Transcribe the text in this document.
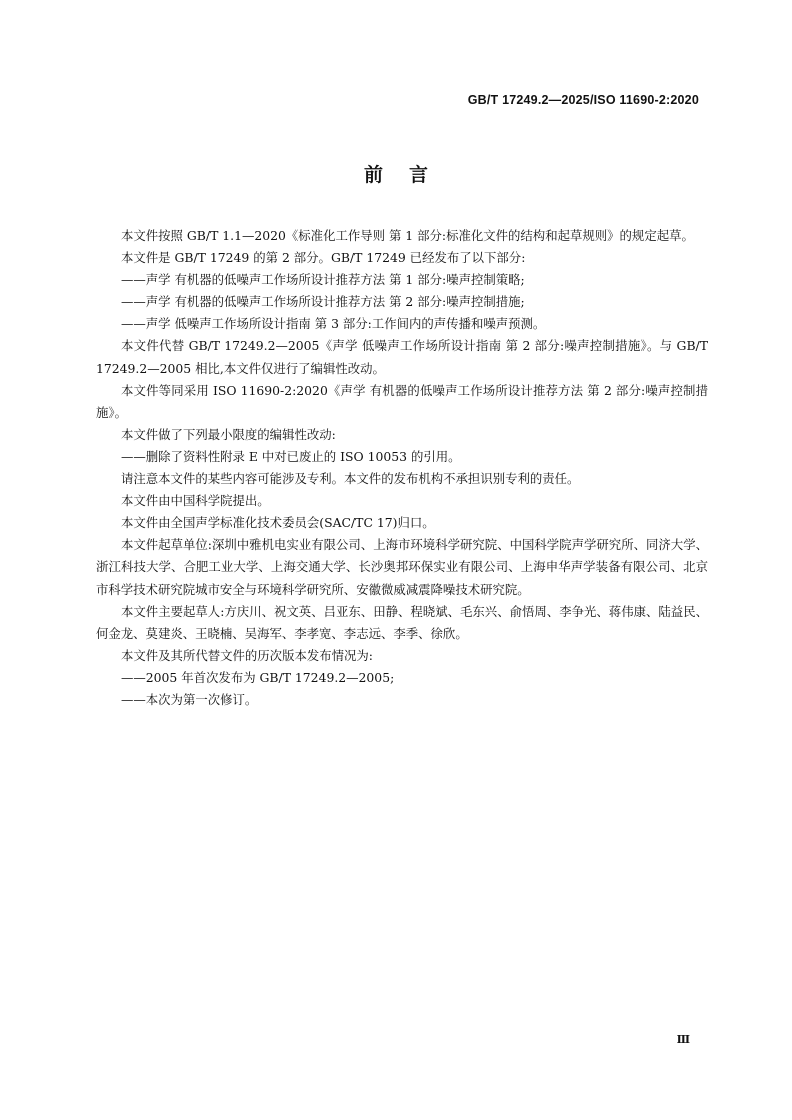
GB/T 17249.2—2025/ISO 11690-2:2020
前言

本文件按照 GB/T 1.1—2020《标准化工作导则 第 1 部分:标准化文件的结构和起草规则》的规定起草。

本文件是 GB/T 17249 的第 2 部分。GB/T 17249 已经发布了以下部分:

——声学 有机器的低噪声工作场所设计推荐方法 第 1 部分:噪声控制策略;

——声学 有机器的低噪声工作场所设计推荐方法 第 2 部分:噪声控制措施;

——声学 低噪声工作场所设计指南 第 3 部分:工作间内的声传播和噪声预测。

本文件代替 GB/T 17249.2—2005《声学 低噪声工作场所设计指南 第 2 部分:噪声控制措施》。与 GB/T 17249.2—2005 相比,本文件仅进行了编辑性改动。

本文件等同采用 ISO 11690-2:2020《声学 有机器的低噪声工作场所设计推荐方法 第 2 部分:噪声控制措施》。

本文件做了下列最小限度的编辑性改动:

——删除了资料性附录 E 中对已废止的 ISO 10053 的引用。

请注意本文件的某些内容可能涉及专利。本文件的发布机构不承担识别专利的责任。

本文件由中国科学院提出。

本文件由全国声学标准化技术委员会(SAC/TC 17)归口。

本文件起草单位:深圳中雅机电实业有限公司、上海市环境科学研究院、中国科学院声学研究所、同济大学、浙江科技大学、合肥工业大学、上海交通大学、长沙奥邦环保实业有限公司、上海申华声学装备有限公司、北京市科学技术研究院城市安全与环境科学研究所、安徽微威减震降噪技术研究院。

本文件主要起草人:方庆川、祝文英、吕亚东、田静、程晓斌、毛东兴、俞悟周、李争光、蒋伟康、陆益民、何金龙、莫建炎、王晓楠、吴海军、李孝宽、李志远、李季、徐欣。

本文件及其所代替文件的历次版本发布情况为:

——2005 年首次发布为 GB/T 17249.2—2005;

——本次为第一次修订。

Ⅲ
